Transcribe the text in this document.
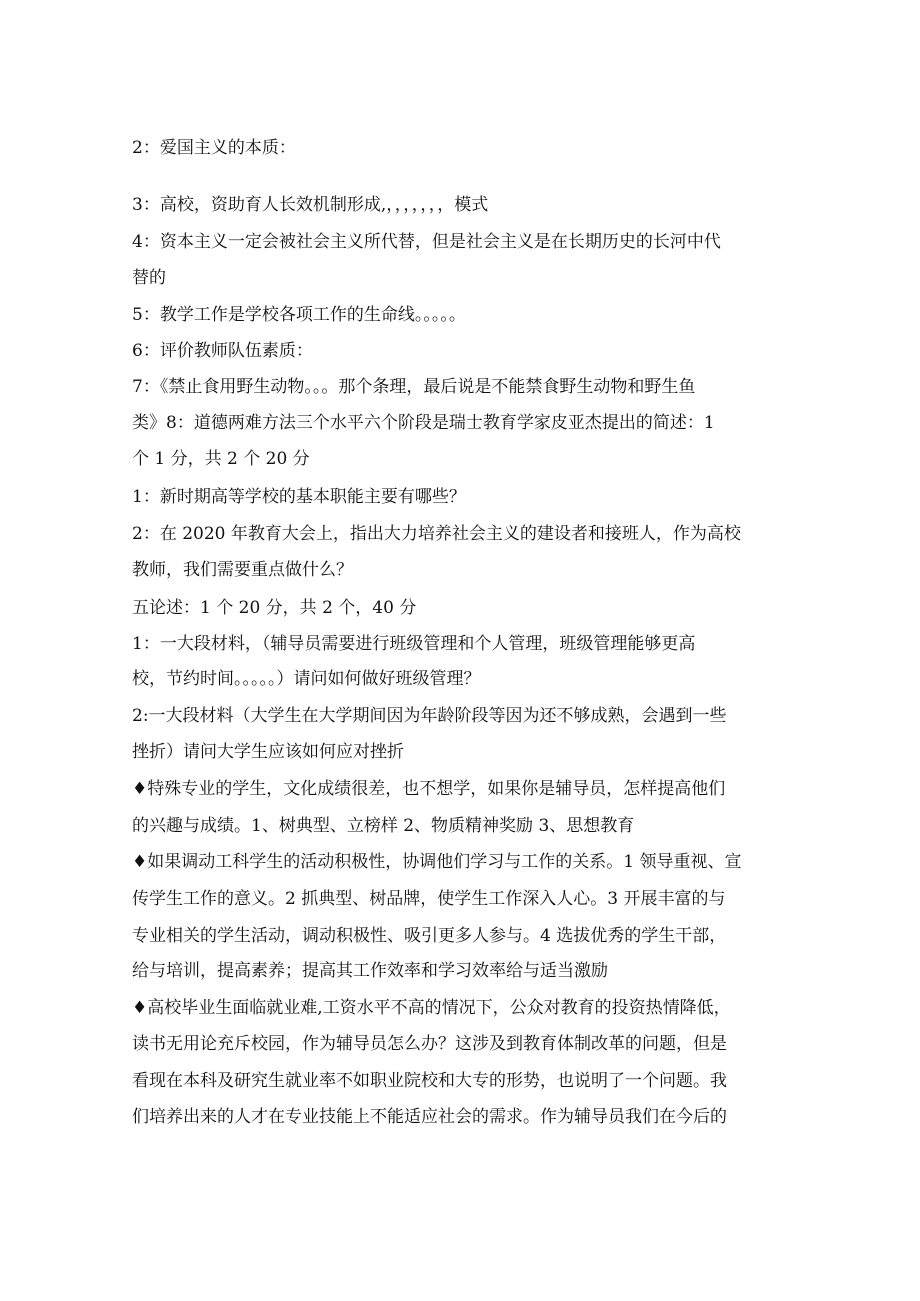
2：爱国主义的本质：
3：高校，资助育人长效机制形成,，，，，，，，模式
4：资本主义一定会被社会主义所代替，但是社会主义是在长期历史的长河中代
替的
5：教学工作是学校各项工作的生命线。。。。。
6：评价教师队伍素质：
7：《禁止食用野生动物。。。那个条理，最后说是不能禁食野生动物和野生鱼
类》8：道德两难方法三个水平六个阶段是瑞士教育学家皮亚杰提出的简述：1
个 1 分，共 2 个 20 分
1：新时期高等学校的基本职能主要有哪些？
2：在 2020 年教育大会上，指出大力培养社会主义的建设者和接班人，作为高校
教师，我们需要重点做什么？
五论述：1 个 20 分，共 2 个，40 分
1：一大段材料，（辅导员需要进行班级管理和个人管理，班级管理能够更高
校，节约时间。。。。。）请问如何做好班级管理？
2:一大段材料（大学生在大学期间因为年龄阶段等因为还不够成熟，会遇到一些
挫折）请问大学生应该如何应对挫折
♦特殊专业的学生，文化成绩很差，也不想学，如果你是辅导员，怎样提高他们
的兴趣与成绩。1、树典型、立榜样 2、物质精神奖励 3、思想教育
♦如果调动工科学生的活动积极性，协调他们学习与工作的关系。1 领导重视、宣
传学生工作的意义。2 抓典型、树品牌，使学生工作深入人心。3 开展丰富的与
专业相关的学生活动，调动积极性、吸引更多人参与。4 选拔优秀的学生干部，
给与培训，提高素养；提高其工作效率和学习效率给与适当激励
♦高校毕业生面临就业难,工资水平不高的情况下，公众对教育的投资热情降低，
读书无用论充斥校园，作为辅导员怎么办？这涉及到教育体制改革的问题，但是
看现在本科及研究生就业率不如职业院校和大专的形势，也说明了一个问题。我
们培养出来的人才在专业技能上不能适应社会的需求。作为辅导员我们在今后的
